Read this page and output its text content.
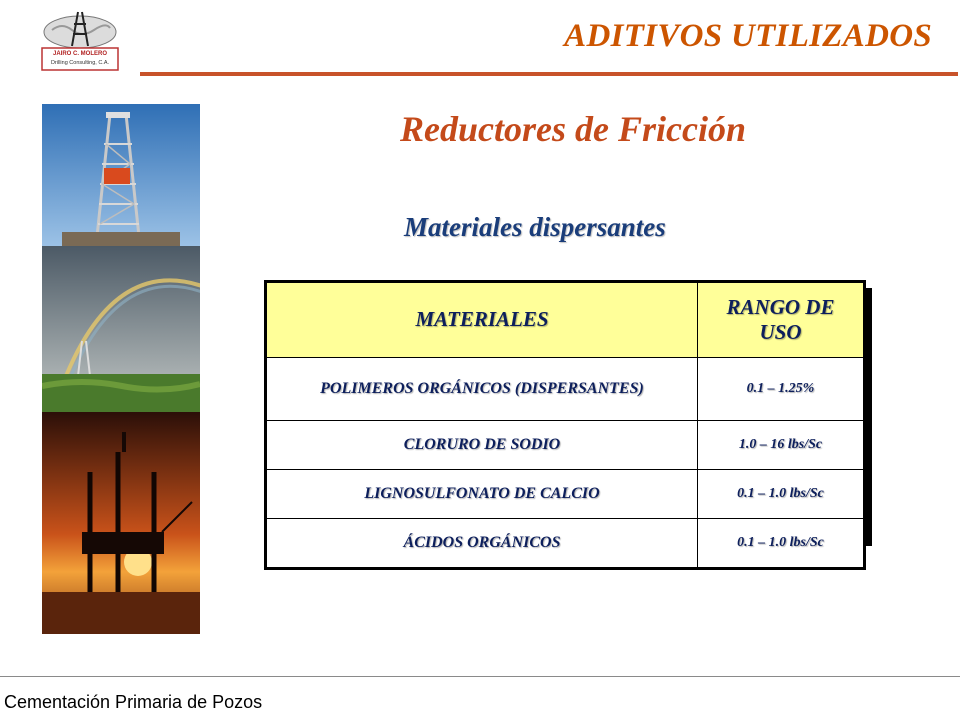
JAIRO C. MOLERO
Drilling Consulting, C.A.
ADITIVOS UTILIZADOS
Reductores de Fricción
Materiales dispersantes
MATERIALES	RANGO DE USO
POLIMEROS ORGÁNICOS (DISPERSANTES)	0.1 – 1.25%
CLORURO DE SODIO	1.0 – 16 lbs/Sc
LIGNOSULFONATO DE CALCIO	0.1 – 1.0 lbs/Sc
ÁCIDOS ORGÁNICOS	0.1 – 1.0 lbs/Sc
Cementación Primaria de Pozos
